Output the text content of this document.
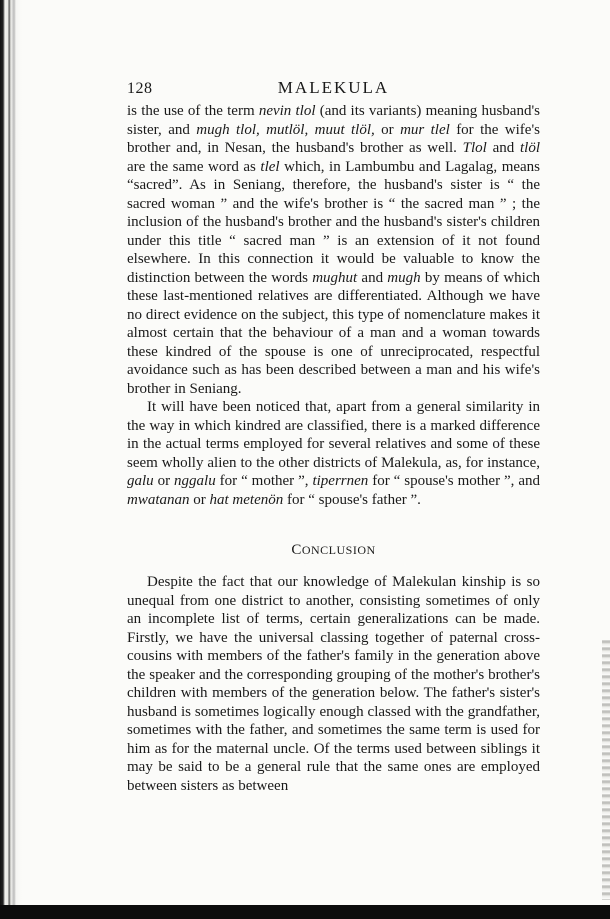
128	MALEKULA

is the use of the term nevin tlol (and its variants) meaning husband's sister, and mugh tlol, mutlöl, muut tlöl, or mur tlel for the wife's brother and, in Nesan, the husband's brother as well. Tlol and tlöl are the same word as tlel which, in Lambumbu and Lagalag, means “sacred”. As in Seniang, therefore, the husband's sister is “ the sacred woman ” and the wife's brother is “ the sacred man ” ; the inclusion of the husband's brother and the husband's sister's children under this title “ sacred man ” is an extension of it not found elsewhere. In this connection it would be valuable to know the distinction between the words mughut and mugh by means of which these last-mentioned relatives are differentiated. Although we have no direct evidence on the subject, this type of nomenclature makes it almost certain that the behaviour of a man and a woman towards these kindred of the spouse is one of unreciprocated, respectful avoidance such as has been described between a man and his wife's brother in Seniang.

It will have been noticed that, apart from a general similarity in the way in which kindred are classified, there is a marked difference in the actual terms employed for several relatives and some of these seem wholly alien to the other districts of Malekula, as, for instance, galu or nggalu for “ mother ”, tiperrnen for “ spouse's mother ”, and mwatanan or hat metenön for “ spouse's father ”.

CONCLUSION

Despite the fact that our knowledge of Malekulan kinship is so unequal from one district to another, consisting sometimes of only an incomplete list of terms, certain generalizations can be made. Firstly, we have the universal classing together of paternal cross-cousins with members of the father's family in the generation above the speaker and the corresponding grouping of the mother's brother's children with members of the generation below. The father's sister's husband is sometimes logically enough classed with the grandfather, sometimes with the father, and sometimes the same term is used for him as for the maternal uncle. Of the terms used between siblings it may be said to be a general rule that the same ones are employed between sisters as between
